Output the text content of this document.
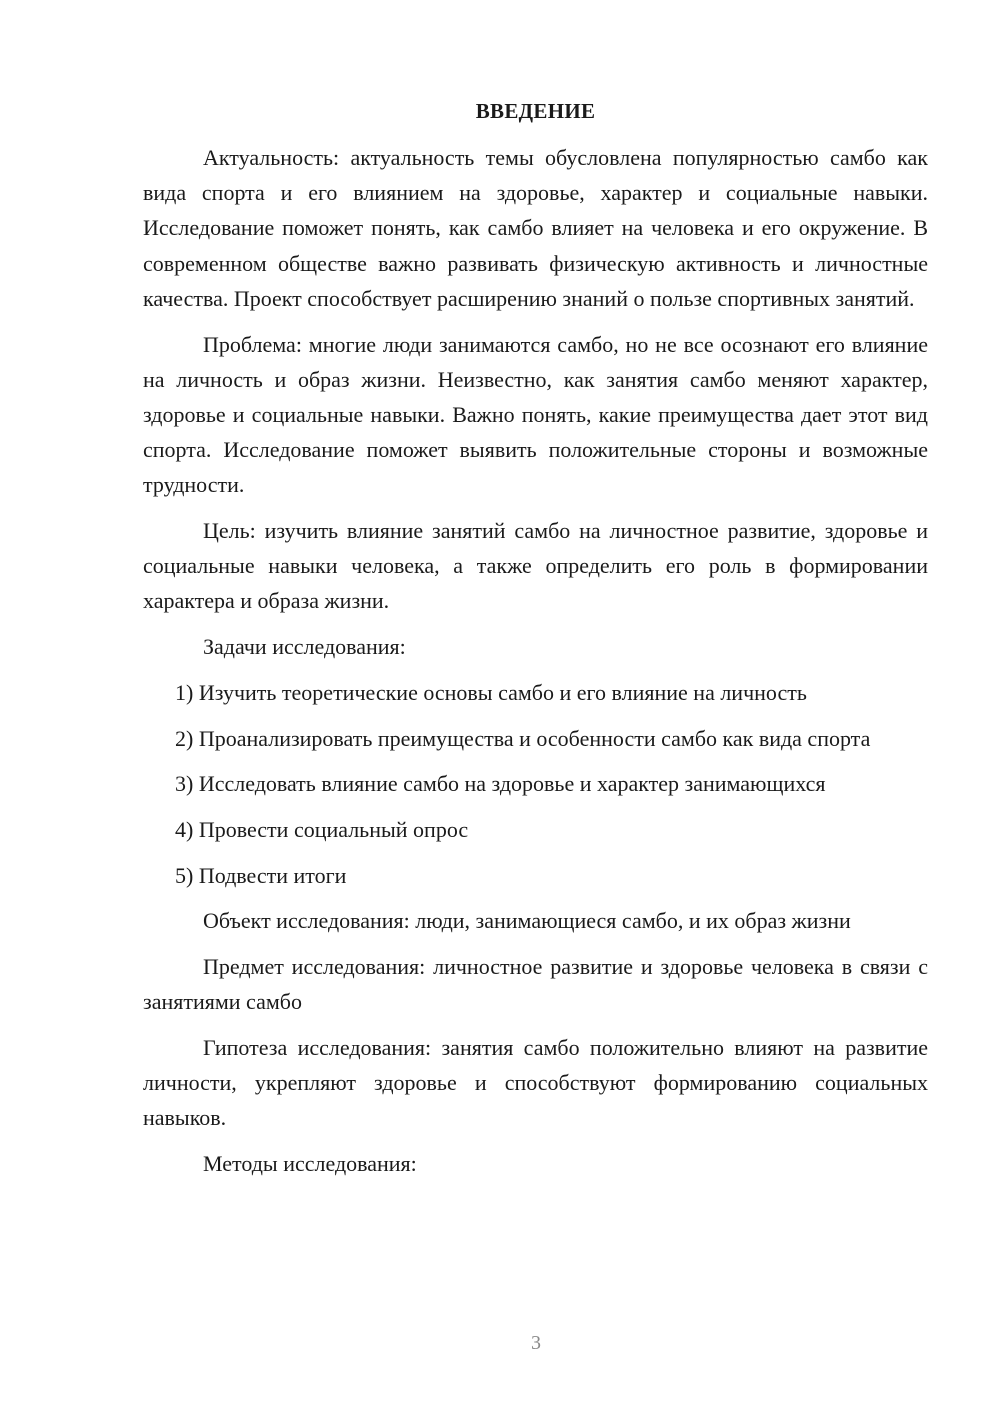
ВВЕДЕНИЕ

Актуальность: актуальность темы обусловлена популярностью самбо как вида спорта и его влиянием на здоровье, характер и социальные навыки. Исследование поможет понять, как самбо влияет на человека и его окружение. В современном обществе важно развивать физическую активность и личностные качества. Проект способствует расширению знаний о пользе спортивных занятий.

Проблема: многие люди занимаются самбо, но не все осознают его влияние на личность и образ жизни. Неизвестно, как занятия самбо меняют характер, здоровье и социальные навыки. Важно понять, какие преимущества дает этот вид спорта. Исследование поможет выявить положительные стороны и возможные трудности.

Цель: изучить влияние занятий самбо на личностное развитие, здоровье и социальные навыки человека, а также определить его роль в формировании характера и образа жизни.

Задачи исследования:

1) Изучить теоретические основы самбо и его влияние на личность

2) Проанализировать преимущества и особенности самбо как вида спорта

3) Исследовать влияние самбо на здоровье и характер занимающихся

4) Провести социальный опрос

5) Подвести итоги

Объект исследования: люди, занимающиеся самбо, и их образ жизни

Предмет исследования: личностное развитие и здоровье человека в связи с занятиями самбо

Гипотеза исследования: занятия самбо положительно влияют на развитие личности, укрепляют здоровье и способствуют формированию социальных навыков.

Методы исследования:

3
